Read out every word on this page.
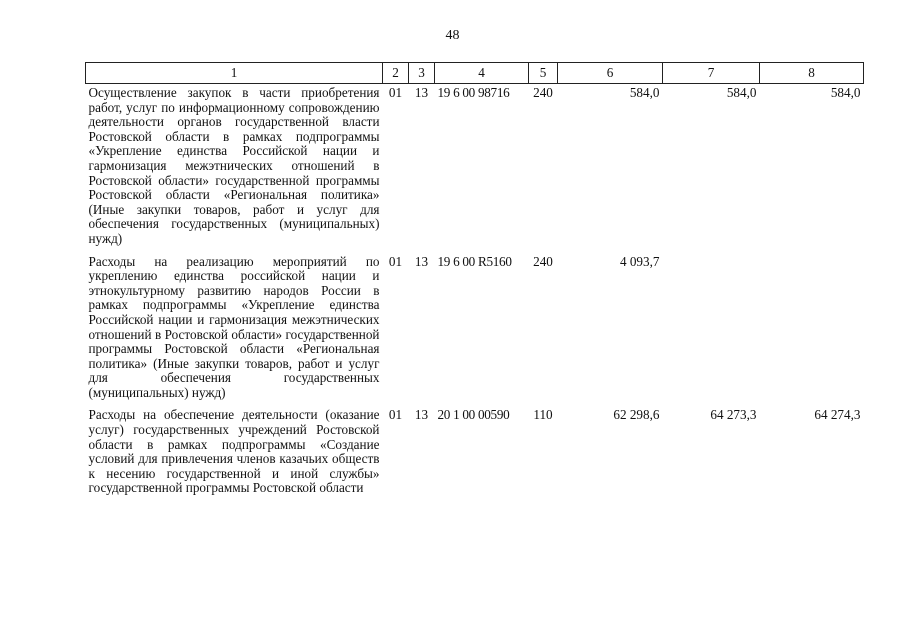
48
1	2	3	4	5	6	7	8
Осуществление закупок в части приобретения работ, услуг по информационному сопровождению деятельности органов государственной власти Ростовской области в рамках подпрограммы «Укрепление единства Российской нации и гармонизация межэтнических отношений в Ростовской области» государственной программы Ростовской области «Региональная политика» (Иные закупки товаров, работ и услуг для обеспечения государственных (муниципальных) нужд)	01	13	19 6 00 98716	240	584,0	584,0	584,0
Расходы на реализацию мероприятий по укреплению единства российской нации и этнокультурному развитию народов России в рамках подпрограммы «Укрепление единства Российской нации и гармонизация межэтнических отношений в Ростовской области» государственной программы Ростовской области «Региональная политика» (Иные закупки товаров, работ и услуг для обеспечения государственных (муниципальных) нужд)	01	13	19 6 00 R5160	240	4 093,7		
Расходы на обеспечение деятельности (оказание услуг) государственных учреждений Ростовской области в рамках подпрограммы «Создание условий для привлечения членов казачьих обществ к несению государственной и иной службы» государственной программы Ростовской области	01	13	20 1 00 00590	110	62 298,6	64 273,3	64 274,3
